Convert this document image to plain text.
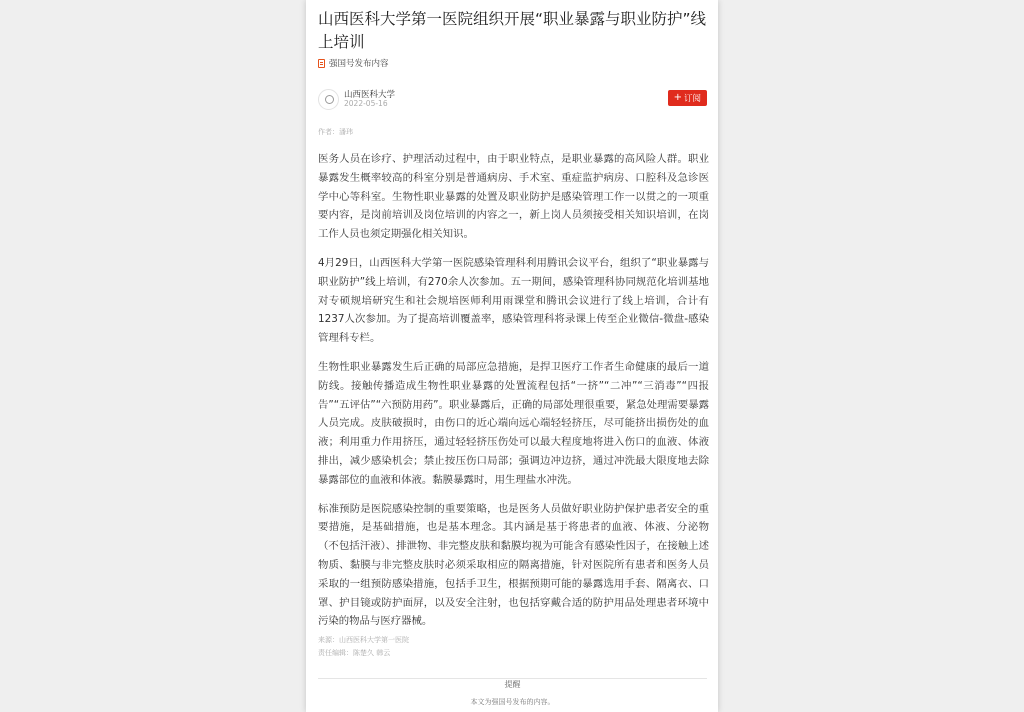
山西医科大学第一医院组织开展“职业暴露与职业防护”线上培训
强国号发布内容
山西医科大学
2022-05-16
+ 订阅
作者：潘玮

医务人员在诊疗、护理活动过程中，由于职业特点，是职业暴露的高风险人群。职业暴露发生概率较高的科室分别是普通病房、手术室、重症监护病房、口腔科及急诊医学中心等科室。生物性职业暴露的处置及职业防护是感染管理工作一以贯之的一项重要内容，是岗前培训及岗位培训的内容之一，新上岗人员须接受相关知识培训，在岗工作人员也须定期强化相关知识。

4月29日，山西医科大学第一医院感染管理科利用腾讯会议平台，组织了“职业暴露与职业防护”线上培训，有270余人次参加。五一期间，感染管理科协同规范化培训基地对专硕规培研究生和社会规培医师利用雨课堂和腾讯会议进行了线上培训，合计有1237人次参加。为了提高培训覆盖率，感染管理科将录课上传至企业微信-微盘-感染管理科专栏。

生物性职业暴露发生后正确的局部应急措施，是捍卫医疗工作者生命健康的最后一道防线。接触传播造成生物性职业暴露的处置流程包括“一挤”“二冲”“三消毒”“四报告”“五评估”“六预防用药”。职业暴露后，正确的局部处理很重要，紧急处理需要暴露人员完成。皮肤破损时，由伤口的近心端向远心端轻轻挤压，尽可能挤出损伤处的血液；利用重力作用挤压，通过轻轻挤压伤处可以最大程度地将进入伤口的血液、体液排出，减少感染机会；禁止按压伤口局部；强调边冲边挤，通过冲洗最大限度地去除暴露部位的血液和体液。黏膜暴露时，用生理盐水冲洗。

标准预防是医院感染控制的重要策略，也是医务人员做好职业防护保护患者安全的重要措施，是基础措施，也是基本理念。其内涵是基于将患者的血液、体液、分泌物（不包括汗液）、排泄物、非完整皮肤和黏膜均视为可能含有感染性因子，在接触上述物质、黏膜与非完整皮肤时必须采取相应的隔离措施，针对医院所有患者和医务人员采取的一组预防感染措施，包括手卫生，根据预期可能的暴露选用手套、隔离衣、口罩、护目镜或防护面屏，以及安全注射，也包括穿戴合适的防护用品处理患者环境中污染的物品与医疗器械。

来源：山西医科大学第一医院
责任编辑：陈楚久 韩云
提醒
本文为强国号发布的内容。
